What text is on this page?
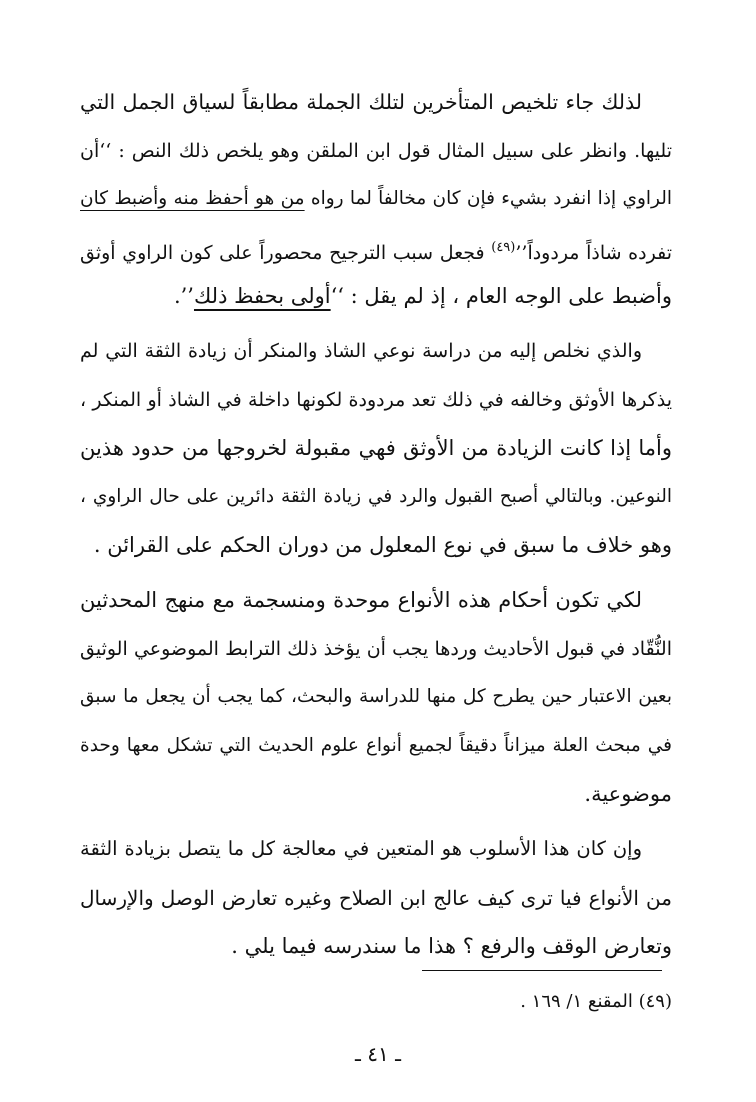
لذلك جاء تلخيص المتأخرين لتلك الجملة مطابقاً لسياق الجمل التي
تليها. وانظر على سبيل المثال قول ابن الملقن وهو يلخص ذلك النص : ‘‘أن
الراوي إذا انفرد بشيء فإن كان مخالفاً لما رواه من هو أحفظ منه وأضبط كان
تفرده شاذاً مردوداً’’$^{(٤٩)}$ فجعل سبب الترجيح محصوراً على كون الراوي أوثق
وأضبط على الوجه العام ، إذ لم يقل : ‘‘أولى بحفظ ذلك’’.
والذي نخلص إليه من دراسة نوعي الشاذ والمنكر أن زيادة الثقة التي لم
يذكرها الأوثق وخالفه في ذلك تعد مردودة لكونها داخلة في الشاذ أو المنكر ،
وأما إذا كانت الزيادة من الأوثق فهي مقبولة لخروجها من حدود هذين
النوعين. وبالتالي أصبح القبول والرد في زيادة الثقة دائرين على حال الراوي ،
وهو خلاف ما سبق في نوع المعلول من دوران الحكم على القرائن .
لكي تكون أحكام هذه الأنواع موحدة ومنسجمة مع منهج المحدثين
النُّقّاد في قبول الأحاديث وردها يجب أن يؤخذ ذلك الترابط الموضوعي الوثيق
بعين الاعتبار حين يطرح كل منها للدراسة والبحث، كما يجب أن يجعل ما سبق
في مبحث العلة ميزاناً دقيقاً لجميع أنواع علوم الحديث التي تشكل معها وحدة
موضوعية.
وإن كان هذا الأسلوب هو المتعين في معالجة كل ما يتصل بزيادة الثقة
من الأنواع فيا ترى كيف عالج ابن الصلاح وغيره تعارض الوصل والإرسال
وتعارض الوقف والرفع ؟ هذا ما سندرسه فيما يلي .
(٤٩) المقنع ١/ ١٦٩ .
ـ ٤١ ـ
